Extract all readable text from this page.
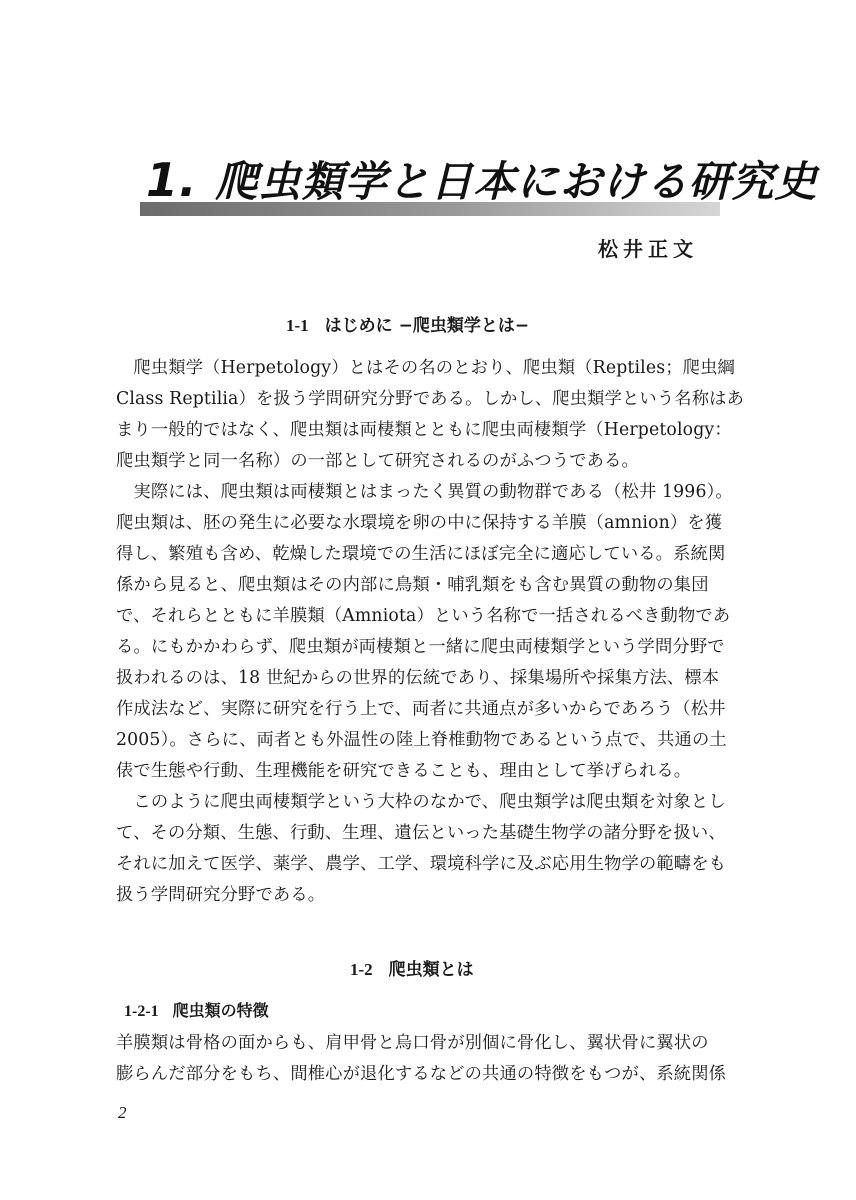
1. 爬虫類学と日本における研究史
松井正文
1-1 はじめに −爬虫類学とは−
　爬虫類学（Herpetology）とはその名のとおり、爬虫類（Reptiles；爬虫綱
Class Reptilia）を扱う学問研究分野である。しかし、爬虫類学という名称はあ
まり一般的ではなく、爬虫類は両棲類とともに爬虫両棲類学（Herpetology：
爬虫類学と同一名称）の一部として研究されるのがふつうである。
　実際には、爬虫類は両棲類とはまったく異質の動物群である（松井 1996）。
爬虫類は、胚の発生に必要な水環境を卵の中に保持する羊膜（amnion）を獲
得し、繁殖も含め、乾燥した環境での生活にほぼ完全に適応している。系統関
係から見ると、爬虫類はその内部に鳥類・哺乳類をも含む異質の動物の集団
で、それらとともに羊膜類（Amniota）という名称で一括されるべき動物であ
る。にもかかわらず、爬虫類が両棲類と一緒に爬虫両棲類学という学問分野で
扱われるのは、18 世紀からの世界的伝統であり、採集場所や採集方法、標本
作成法など、実際に研究を行う上で、両者に共通点が多いからであろう（松井
2005）。さらに、両者とも外温性の陸上脊椎動物であるという点で、共通の土
俵で生態や行動、生理機能を研究できることも、理由として挙げられる。
　このように爬虫両棲類学という大枠のなかで、爬虫類学は爬虫類を対象とし
て、その分類、生態、行動、生理、遺伝といった基礎生物学の諸分野を扱い、
それに加えて医学、薬学、農学、工学、環境科学に及ぶ応用生物学の範疇をも
扱う学問研究分野である。
1-2 爬虫類とは
1-2-1 爬虫類の特徴
羊膜類は骨格の面からも、肩甲骨と烏口骨が別個に骨化し、翼状骨に翼状の
膨らんだ部分をもち、間椎心が退化するなどの共通の特徴をもつが、系統関係
2
